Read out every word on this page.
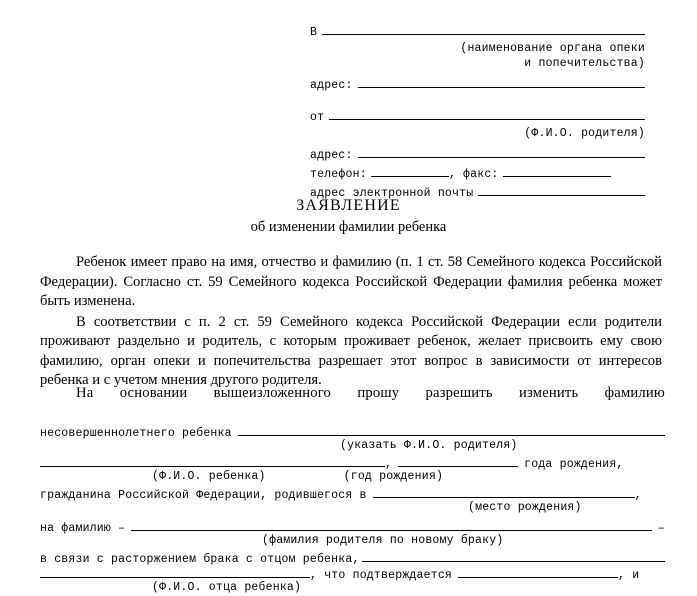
В
(наименование органа опеки
и попечительства)
адрес:
от
(Ф.И.О. родителя)
адрес:
телефон:	, факс:
адрес электронной почты
ЗАЯВЛЕНИЕ
об изменении фамилии ребенка

Ребенок имеет право на имя, отчество и фамилию (п. 1 ст. 58 Семейного кодекса Российской Федерации). Согласно ст. 59 Семейного кодекса Российской Федерации фамилия ребенка может быть изменена.

В соответствии с п. 2 ст. 59 Семейного кодекса Российской Федерации если родители проживают раздельно и родитель, с которым проживает ребенок, желает присвоить ему свою фамилию, орган опеки и попечительства разрешает этот вопрос в зависимости от интересов ребенка и с учетом мнения другого родителя.

На основании вышеизложенного прошу разрешить изменить фамилию

несовершеннолетнего ребенка
(указать Ф.И.О. родителя)
,	года рождения,
(Ф.И.О. ребенка)	(год рождения)
гражданина Российской Федерации, родившегося в	,
(место рождения)
на фамилию –	–
(фамилия родителя по новому браку)
в связи с расторжением брака с отцом ребенка,
, что подтверждается	, и
(Ф.И.О. отца ребенка)
